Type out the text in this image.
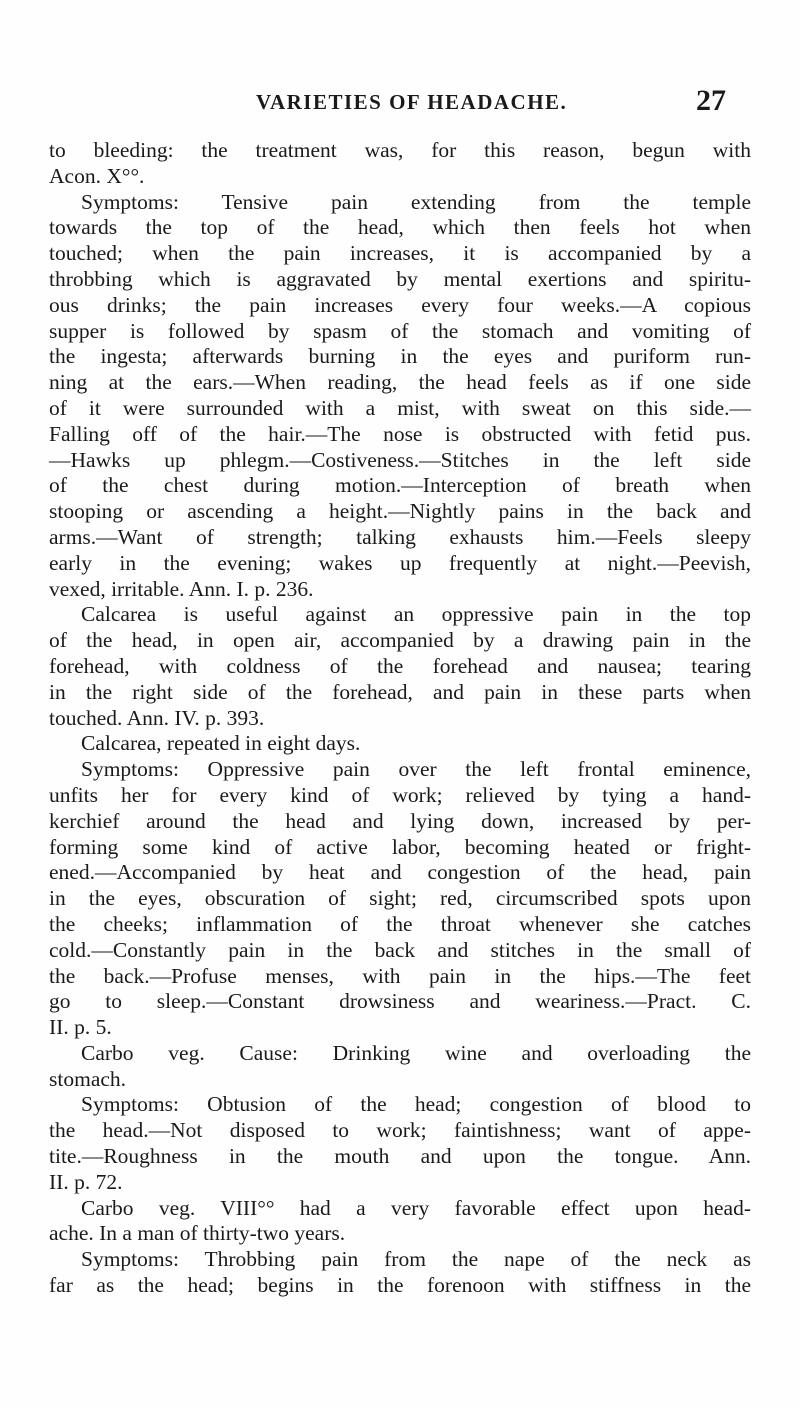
VARIETIES OF HEADACHE.	27
to bleeding: the treatment was, for this reason, begun with
Acon. X°°.
Symptoms: Tensive pain extending from the temple
towards the top of the head, which then feels hot when
touched; when the pain increases, it is accompanied by a
throbbing which is aggravated by mental exertions and spiritu-
ous drinks; the pain increases every four weeks.—A copious
supper is followed by spasm of the stomach and vomiting of
the ingesta; afterwards burning in the eyes and puriform run-
ning at the ears.—When reading, the head feels as if one side
of it were surrounded with a mist, with sweat on this side.—
Falling off of the hair.—The nose is obstructed with fetid pus.
—Hawks up phlegm.—Costiveness.—Stitches in the left side
of the chest during motion.—Interception of breath when
stooping or ascending a height.—Nightly pains in the back and
arms.—Want of strength; talking exhausts him.—Feels sleepy
early in the evening; wakes up frequently at night.—Peevish,
vexed, irritable. Ann. I. p. 236.
Calcarea is useful against an oppressive pain in the top
of the head, in open air, accompanied by a drawing pain in the
forehead, with coldness of the forehead and nausea; tearing
in the right side of the forehead, and pain in these parts when
touched. Ann. IV. p. 393.
Calcarea, repeated in eight days.
Symptoms: Oppressive pain over the left frontal eminence,
unfits her for every kind of work; relieved by tying a hand-
kerchief around the head and lying down, increased by per-
forming some kind of active labor, becoming heated or fright-
ened.—Accompanied by heat and congestion of the head, pain
in the eyes, obscuration of sight; red, circumscribed spots upon
the cheeks; inflammation of the throat whenever she catches
cold.—Constantly pain in the back and stitches in the small of
the back.—Profuse menses, with pain in the hips.—The feet
go to sleep.—Constant drowsiness and weariness.—Pract. C.
II. p. 5.
Carbo veg. Cause: Drinking wine and overloading the
stomach.
Symptoms: Obtusion of the head; congestion of blood to
the head.—Not disposed to work; faintishness; want of appe-
tite.—Roughness in the mouth and upon the tongue. Ann.
II. p. 72.
Carbo veg. VIII°° had a very favorable effect upon head-
ache. In a man of thirty-two years.
Symptoms: Throbbing pain from the nape of the neck as
far as the head; begins in the forenoon with stiffness in the
